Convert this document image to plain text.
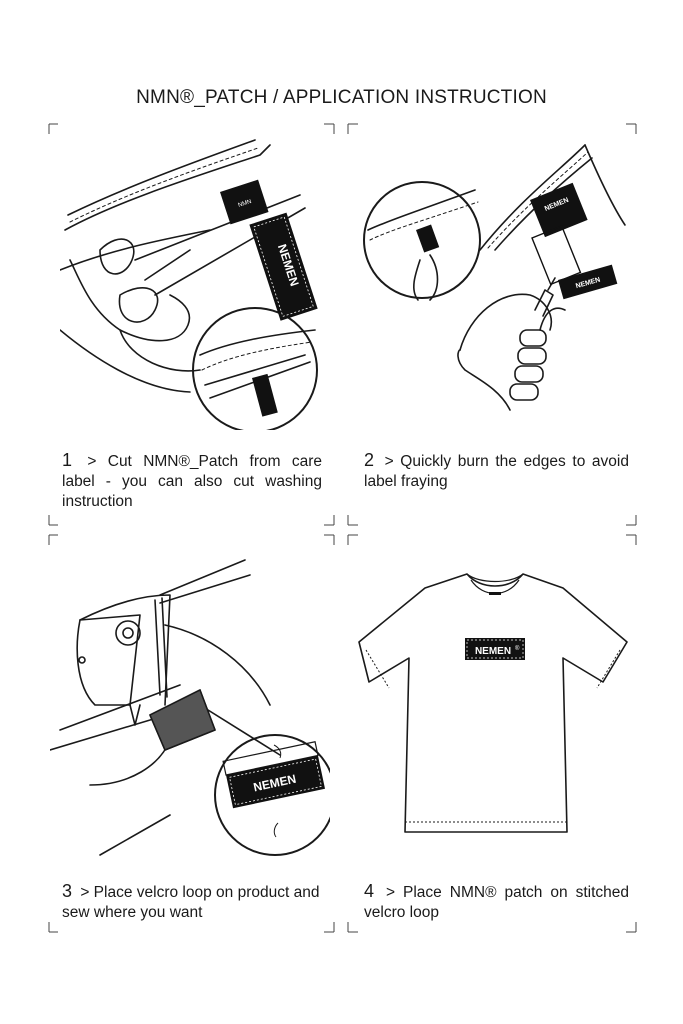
NMN®_PATCH / APPLICATION INSTRUCTION
NEMEN
NMN	NEMEN
NEMEN
1 > Cut NMN®_Patch from care label - you can also cut washing instruction
2 > Quickly burn the edges to avoid label fraying
NEMEN
NEMEN ®
3 > Place velcro loop on product and sew where you want
4 > Place NMN® patch on stitched velcro loop
